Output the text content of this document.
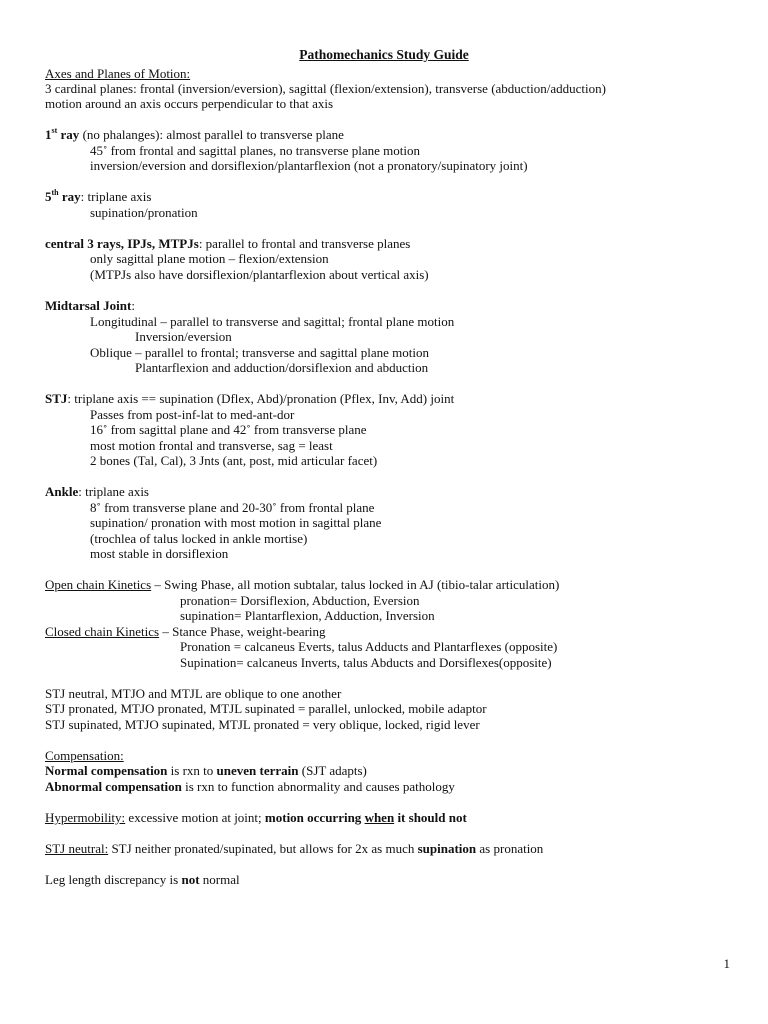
Pathomechanics Study Guide
Axes and Planes of Motion:
3 cardinal planes: frontal (inversion/eversion), sagittal (flexion/extension), transverse (abduction/adduction)
motion around an axis occurs perpendicular to that axis
1st ray (no phalanges): almost parallel to transverse plane
45˚ from frontal and sagittal planes, no transverse plane motion
inversion/eversion and dorsiflexion/plantarflexion (not a pronatory/supinatory joint)
5th ray: triplane axis
supination/pronation
central 3 rays, IPJs, MTPJs: parallel to frontal and transverse planes
only sagittal plane motion – flexion/extension
(MTPJs also have dorsiflexion/plantarflexion about vertical axis)
Midtarsal Joint:
Longitudinal – parallel to transverse and sagittal; frontal plane motion
Inversion/eversion
Oblique – parallel to frontal; transverse and sagittal plane motion
Plantarflexion and adduction/dorsiflexion and abduction
STJ: triplane axis == supination (Dflex, Abd)/pronation (Pflex, Inv, Add) joint
Passes from post-inf-lat to med-ant-dor
16˚ from sagittal plane and 42˚ from transverse plane
most motion frontal and transverse, sag = least
2 bones (Tal, Cal), 3 Jnts (ant, post, mid articular facet)
Ankle: triplane axis
8˚ from transverse plane and 20-30˚ from frontal plane
supination/ pronation with most motion in sagittal plane
(trochlea of talus locked in ankle mortise)
most stable in dorsiflexion
Open chain Kinetics – Swing Phase, all motion subtalar, talus locked in AJ (tibio-talar articulation)
pronation= Dorsiflexion, Abduction, Eversion
supination= Plantarflexion, Adduction, Inversion
Closed chain Kinetics – Stance Phase, weight-bearing
Pronation = calcaneus Everts, talus Adducts and Plantarflexes (opposite)
Supination= calcaneus Inverts, talus Abducts and Dorsiflexes(opposite)
STJ neutral, MTJO and MTJL are oblique to one another
STJ pronated, MTJO pronated, MTJL supinated = parallel, unlocked, mobile adaptor
STJ supinated, MTJO supinated, MTJL pronated = very oblique, locked, rigid lever
Compensation:
Normal compensation is rxn to uneven terrain (SJT adapts)
Abnormal compensation is rxn to function abnormality and causes pathology
Hypermobility: excessive motion at joint; motion occurring when it should not
STJ neutral: STJ neither pronated/supinated, but allows for 2x as much supination as pronation
Leg length discrepancy is not normal
1
